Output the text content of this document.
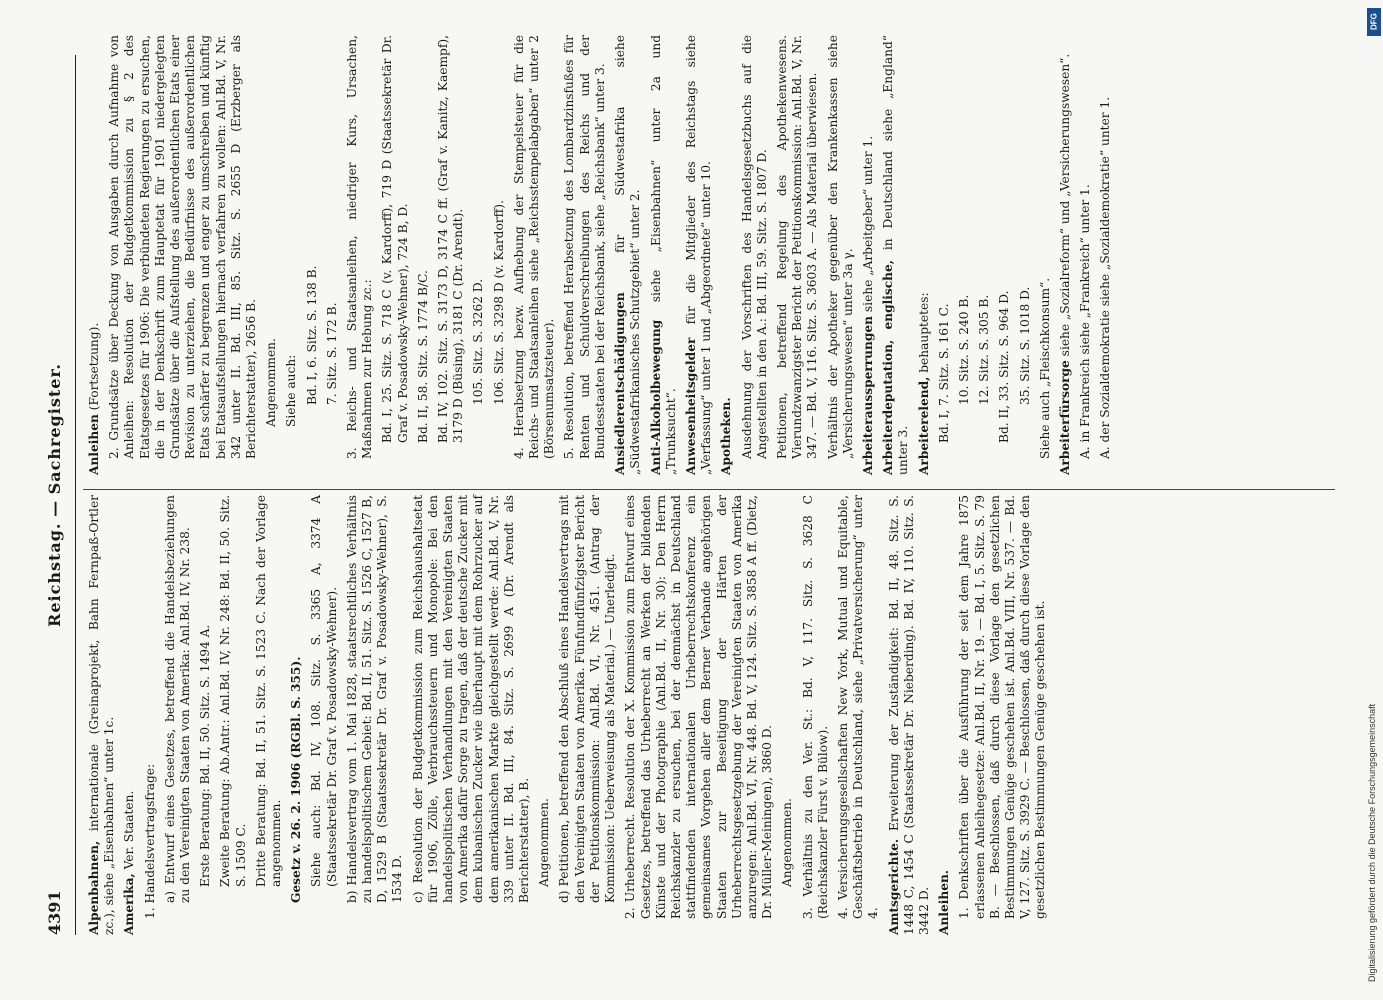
4391
Reichstag. — Sachregister.
Alpenbahnen, internationale (Greinaprojekt, Bahn Fernpaß-Ortler zc.), siehe „Eisenbahnen“ unter 1c. Amerika, Ver. Staaten. 1. Handelsvertragsfrage: a) Entwurf eines Gesetzes, betreffend die Handelsbeziehungen zu den Vereinigten Staaten von Amerika: Anl.Bd. IV, Nr. 238. Erste Beratung: Bd. II, 50. Sitz. S. 1494 A. Zweite Beratung: Ab.Antr.: Anl.Bd. IV, Nr. 248: Bd. II, 50. Sitz. S. 1509 C. Dritte Beratung: Bd. II, 51. Sitz. S. 1523 C. Nach der Vorlage angenommen. Gesetz v. 26. 2. 1906 (RGBl. S. 355). Siehe auch: Bd. IV, 108. Sitz. S. 3365 A, 3374 A (Staatssekretär Dr. Graf v. Posadowsky-Wehner). b) Handelsvertrag vom 1. Mai 1828, staatsrechtliches Verhältnis zu handelspolitischem Gebiet: Bd. II, 51. Sitz. S. 1526 C, 1527 B, D, 1529 B (Staatssekretär Dr. Graf v. Posadowsky-Wehner), S. 1534 D. c) Resolution der Budgetkommission zum Reichshaushaltsetat für 1906, Zölle, Verbrauchssteuern und Monopole: Bei den handelspolitischen Verhandlungen mit den Vereinigten Staaten von Amerika dafür Sorge zu tragen, daß der deutsche Zucker mit dem kubanischen Zucker wie überhaupt mit dem Rohrzucker auf dem amerikanischen Markte gleichgestellt werde: Anl.Bd. V, Nr. 339 unter II. Bd. III, 84. Sitz. S. 2699 A (Dr. Arendt als Berichterstatter), B. Angenommen. d) Petitionen, betreffend den Abschluß eines Handelsvertrags mit den Vereinigten Staaten von Amerika. Fünfundfünfzigster Bericht der Petitionskommission: Anl.Bd. VI, Nr. 451. (Antrag der Kommission: Ueberweisung als Material.) — Unerledigt. 2. Urheberrecht. Resolution der X. Kommission zum Entwurf eines Gesetzes, betreffend das Urheberrecht an Werken der bildenden Künste und der Photographie (Anl.Bd. II, Nr. 30): Den Herrn Reichskanzler zu ersuchen, bei der demnächst in Deutschland stattfindenden internationalen Urheberrechtskonferenz ein gemeinsames Vorgehen aller dem Berner Verbande angehörigen Staaten zur Beseitigung der Härten der Urheberrechtsgesetzgebung der Vereinigten Staaten von Amerika anzuregen: Anl.Bd. VI, Nr. 448. Bd. V, 124. Sitz. S. 3858 A ff. (Dietz, Dr. Müller-Meiningen), 3860 D. Angenommen. 3. Verhältnis zu den Ver. St.: Bd. V, 117. Sitz. S. 3628 C (Reichskanzler Fürst v. Bülow). 4. Versicherungsgesellschaften New York, Mutual und Equitable, Geschäftsbetrieb in Deutschland, siehe „Privatversicherung“ unter 4. Amtsgerichte. Erweiterung der Zuständigkeit: Bd. II, 48. Sitz. S. 1448 C, 1454 C (Staatssekretär Dr. Nieberding). Bd. IV, 110. Sitz. S. 3442 D. Anleihen. 1. Denkschriften über die Ausführung der seit dem Jahre 1875 erlassenen Anleihegesetze: Anl.Bd. II, Nr. 19. — Bd. I, 5. Sitz. S. 79 B. — Beschlossen, daß durch diese Vorlage den gesetzlichen Bestimmungen Genüge geschehen ist. Anl.Bd. VIII, Nr. 537. — Bd. V, 127. Sitz. S. 3929 C. — Beschlossen, daß durch diese Vorlage den gesetzlichen Bestimmungen Genüge geschehen ist.
Anleihen (Fortsetzung). 2. Grundsätze über Deckung von Ausgaben durch Aufnahme von Anleihen: Resolution der Budgetkommission zu § 2 des Etatsgesetzes für 1906: Die verbündeten Regierungen zu ersuchen, die in der Denkschrift zum Hauptetat für 1901 niedergelegten Grundsätze über die Aufstellung des außerordentlichen Etats einer Revision zu unterziehen, die Bedürfnisse des außerordentlichen Etats schärfer zu begrenzen und enger zu umschreiben und künftig bei Etatsaufstellungen hiernach verfahren zu wollen: Anl.Bd. V, Nr. 342 unter II. Bd. III, 85. Sitz. S. 2655 D (Erzberger als Berichterstatter), 2656 B. Angenommen. Siehe auch: Bd. I, 6. Sitz. S. 138 B. 7. Sitz. S. 172 B. 3. Reichs- und Staatsanleihen, niedriger Kurs, Ursachen, Maßnahmen zur Hebung zc.: Bd. I, 25. Sitz. S. 718 C (v. Kardorff), 719 D (Staatssekretär Dr. Graf v. Posadowsky-Wehner), 724 B, D. Bd. II, 58. Sitz. S. 1774 B/C. Bd. IV, 102. Sitz. S. 3173 D, 3174 C ff. (Graf v. Kanitz, Kaempf), 3179 D (Büsing), 3181 C (Dr. Arendt). 105. Sitz. S. 3262 D. 106. Sitz. S. 3298 D (v. Kardorff). 4. Herabsetzung bezw. Aufhebung der Stempelsteuer für die Reichs- und Staatsanleihen siehe „Reichsstempelabgaben“ unter 2 (Börsenumsatzsteuer). 5. Resolution, betreffend Herabsetzung des Lombardzinsfußes für Renten und Schuldverschreibungen des Reichs und der Bundesstaaten bei der Reichsbank, siehe „Reichsbank“ unter 3. Ansiedlerentschädigungen für Südwestafrika siehe „Südwestafrikanisches Schutzgebiet“ unter 2. Anti-Alkoholbewegung siehe „Eisenbahnen“ unter 2a und „Trunksucht“. Anwesenheitsgelder für die Mitglieder des Reichstags siehe „Verfassung“ unter 1 und „Abgeordnete“ unter 10. Apotheken. Ausdehnung der Vorschriften des Handelsgesetzbuchs auf die Angestellten in den A.: Bd. III, 59. Sitz. S. 1807 D. Petitionen, betreffend Regelung des Apothekenwesens. Vierundzwanzigster Bericht der Petitionskommission: Anl.Bd. V, Nr. 347. — Bd. V, 116. Sitz. S. 3603 A. — Als Material überwiesen. Verhältnis der Apotheker gegenüber den Krankenkassen siehe „Versicherungswesen“ unter 3a γ. Arbeiteraussperrungen siehe „Arbeitgeber“ unter 1.
Arbeiterdeputation, englische, in Deutschland siehe „England“ unter 3. Arbeiterelend, behauptetes: Bd. I, 7. Sitz. S. 161 C. 10. Sitz. S. 240 B. 12. Sitz. S. 305 B. Bd. II, 33. Sitz. S. 964 D. 35. Sitz. S. 1018 D. Siehe auch „Fleischkonsum“. Arbeiterfürsorge siehe „Sozialreform“ und „Versicherungswesen“. A. in Frankreich siehe „Frankreich“ unter 1. A. der Sozialdemokratie siehe „Sozialdemokratie“ unter 1.
DFG
Digitalisierung gefördert durch die Deutsche Forschungsgemeinschaft
